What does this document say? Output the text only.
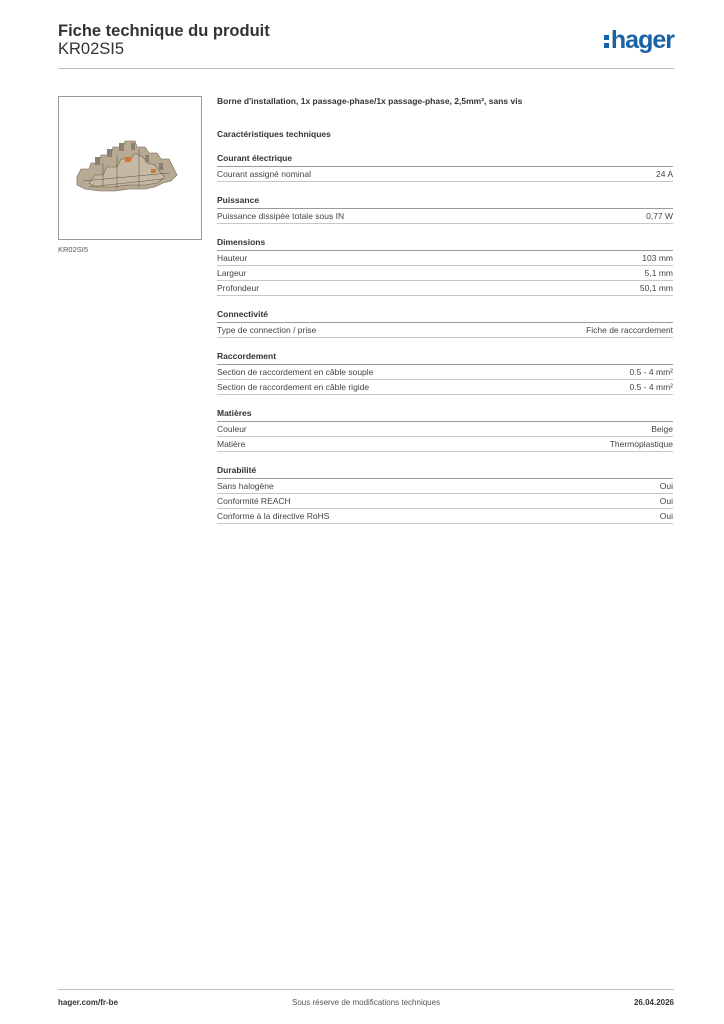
Fiche technique du produit
KR02SI5	hager
KR02SI5

Borne d'installation, 1x passage-phase/1x passage-phase, 2,5mm², sans vis

Caractéristiques techniques
Courant électrique
Courant assigné nominal	24 A
Puissance
Puissance dissipée totale sous IN	0,77 W
Dimensions
Hauteur	103 mm
Largeur	5,1 mm
Profondeur	50,1 mm
Connectivité
Type de connection / prise	Fiche de raccordement
Raccordement
Section de raccordement en câble souple	0.5 - 4 mm²
Section de raccordement en câble rigide	0.5 - 4 mm²
Matières
Couleur	Beige
Matière	Thermoplastique
Durabilité
Sans halogène	Oui
Conformité REACH	Oui
Conforme à la directive RoHS	Oui
hager.com/fr-be	Sous réserve de modifications techniques	26.04.2026
